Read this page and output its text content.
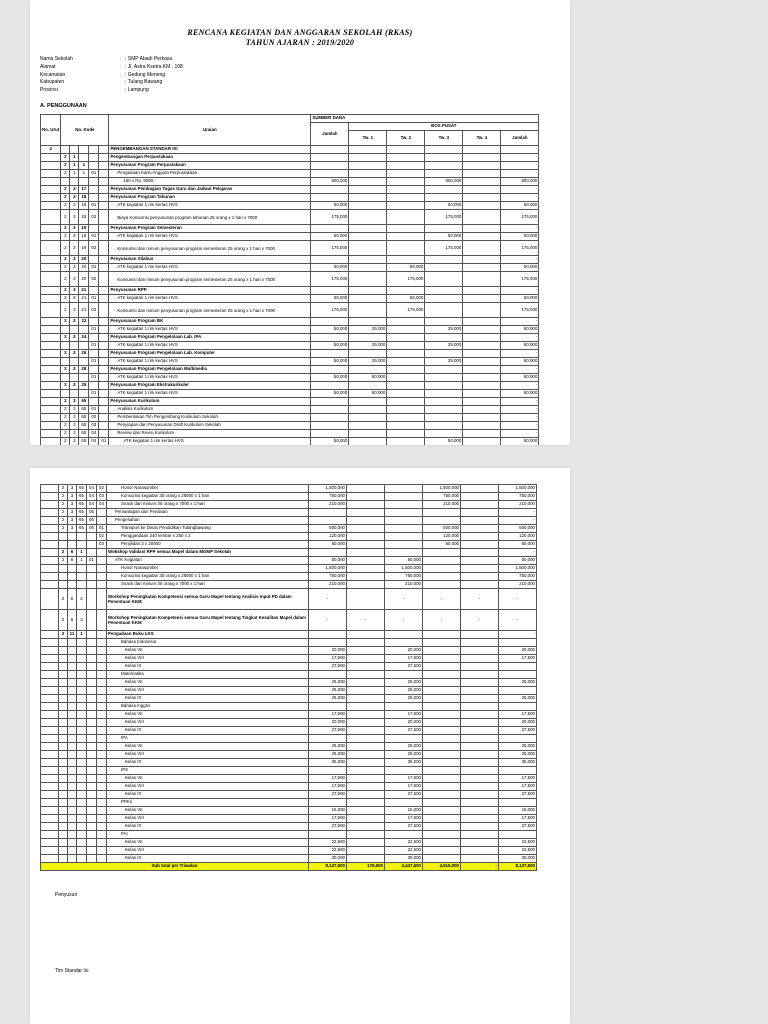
RENCANA KEGIATAN DAN ANGGARAN SEKOLAH (RKAS)
TAHUN AJARAN : 2019/2020
Nama Sekolah	: SMP Abadi Perkasa
Alamat	: Jl. Astra Ksetra KM . 108
Kecamatan	: Gedung Meneng
Kabupaten	: Tulang Bawang
Provinsi	: Lampung
A. PENGGUNAAN
No. Urut	No. Kode					Uraian	SUMBER DANA					
							Jumlah	BOS PUSAT				
								Tw. 1	Tw. 2	Tw. 3	Tw. 4	Jumlah
2						PENGEMBANGAN STANDAR ISI						-
	2	1				Pengembangan Perpustakaan						-
	2	1	1			Penyusunan Program Perpustakaan						-
	2	1	1	01		Pengadaan Kartu Anggota Perpustakaan						-
						160 x Rp. 5000,-	800,000			800,000		800,000
	2	3	17			Penyusunan Pembagian Tugas Guru dan Jadwal Pelajaran						-
	2	3	18			Penyusunan Program Tahunan						-
	2	3	18	01		ATK kegiatan 1 rim kertas HVS	50,000			50,000		50,000
	2	3	18	02		Biaya Konsumsi penyusunan program tahunan 25 orang x 1 hari x 7000	175,000			175,000		175,000
	2	3	19			Penyusunan Program Semesteran						-
	2	3	19	01		ATK kegiatan 1 rim kertas HVS	50,000			50,000		50,000
	2	3	19	02		Konsumsi dan minum penyusunan program semesteran 25 orang x 1 hari x 7000	175,000			175,000		175,000
	2	3	20			Penyusunan Silabus						-
	2	3	20	01		ATK kegiatan 1 rim kertas HVS	50,000		50,000			50,000
	2	3	20	02		Konsumsi dan minum penyusunan program semesteran 25 orang x 1 hari x 7000	175,000		175,000			175,000
	2	3	21			Penyusunan RPP						-
	2	3	21	01		ATK kegiatan 1 rim kertas HVS	50,000		50,000			50,000
	2	3	21	02		Konsumsi dan minum penyusunan program semesteran 25 orang x 1 hari x 7000	175,000		175,000			175,000
	2	3	22			Penyusunan Program BK						-
				01		ATK kegiatan 1 rim kertas HVS	50,000	25,000		25,000		50,000
	2	3	24			Penyusunan Program Pengelolaan Lab. IPA						-
				01		ATK kegiatan 1 rim kertas HVS	50,000	25,000		25,000		50,000
	2	3	26			Penyusunan Program Pengelolaan Lab. Komputer						-
				01		ATK kegiatan 1 rim kertas HVS	50,000	25,000		25,000		50,000
	2	3	28			Penyusunan Program Pengelolaan Multimedia						-
				01		ATK kegiatan 1 rim kertas HVS	50,000	50,000				50,000
	2	3	29			Penyusunan Program Ekstrakurikuler						-
				01		ATK kegiatan 1 rim kertas HVS	50,000	50,000				50,000
	2	3	65			Penyusunan Kurikulum						-
	2	3	65	01		Analisis Kurikulum						-
	2	3	65	02		Pembentukan Tim Pengembang Kurikulum Sekolah						-
	2	3	65	03		Penyiapan dan Penyusunan Draft Kurikulum Sekolah						-
	2	3	65	04		Review dan Revisi Kurikulum						-
	2	3	65	04	01	ATK kegiatan 1 rim kertas HVS	50,000			50,000		50,000
	2	3	65	04	02	Honor Narasumber	1,500,000			1,500,000		1,500,000
	2	3	65	04	03	Konsumsi kegiatan 30 orang x 25000 x 1 hari	750,000			750,000		750,000
	2	3	65	04	04	Snack dan minum 30 orang x 7000 x 1 hari	210,000			210,000		210,000
	2	3	65	05		Pemantapan dan Penilaian						-
	2	3	65	06		Pengesahan						-
	2	3	65	06	01	Transport ke Dinas Pendidikan Tulangbawang	500,000			500,000		500,000
					02	Penggandaan 240 lembar x 250 x 2	120,000			120,000		120,000
					03	Penjilidan 3 x 20000	60,000			60,000		60,000
	2	6	1			Wokshop Validasi RPP semua Mapel dalam MGMP Sekolah						-
	2	6	1	01		ATK Kegiatan	50,000		50,000			50,000
						Honor Narasumber	1,500,000		1,500,000			1,500,000
						Konsumsi kegiatan 30 orang x 25000 x 1 hari	750,000		750,000			750,000
						Snack dan minum 30 orang x 7000 x 1 hari	210,000		210,000			210,000
	2	6	2			Workshop Peningkatan Kompetensi semua Guru Mapel tentang Analisis Input PD dalam Penentuan KKM	-		-	-	-	-
	2	6	3			Workshop Peningkatan Kompetensi semua Guru Mapel tentang Tingkat Kesulitan Mapel dalam Penentuan KKM	-	-	-	-	-	-
	2	11	1			Pengadaan Buku LKS						-
						Bahasa Indonesia						
						Kelas VII	20,000		20,000			20,000
						Kelas VIII	17,500		17,500			17,500
						Kelas IX	27,500		27,500			
						Matematika						
						Kelas VII	25,000		25,000			25,000
						Kelas VIII	25,000		25,000			
						Kelas IX	25,000		25,000			25,000
						Bahasa Inggris						
						Kelas VII	17,500		17,500			17,500
						Kelas VIII	20,000		20,000			20,000
						Kelas IX	27,500		27,500			27,500
						IPA						
						Kelas VII	25,000		25,000			25,000
						Kelas VIII	25,000		25,000			25,000
						Kelas IX	35,000		35,000			35,000
						IPS						
						Kelas VII	17,500		17,500			17,500
						Kelas VIII	17,500		17,500			17,500
						Kelas IX	27,500		27,500			27,500
						PPKn						
						Kelas VII	15,000		15,000			15,000
						Kelas VIII	17,500		17,500			17,500
						Kelas IX	27,500		27,500			27,500
						PAI						
						Kelas VII	22,500		22,500			22,500
						Kelas VIII	22,500		22,500			22,500
						Kelas IX	30,000		30,000			30,000
Sub total per Triwulan							8,137,500	175,000	3,447,500	4,515,000	-	8,137,500
Penyusun
Tim Standar Isi
